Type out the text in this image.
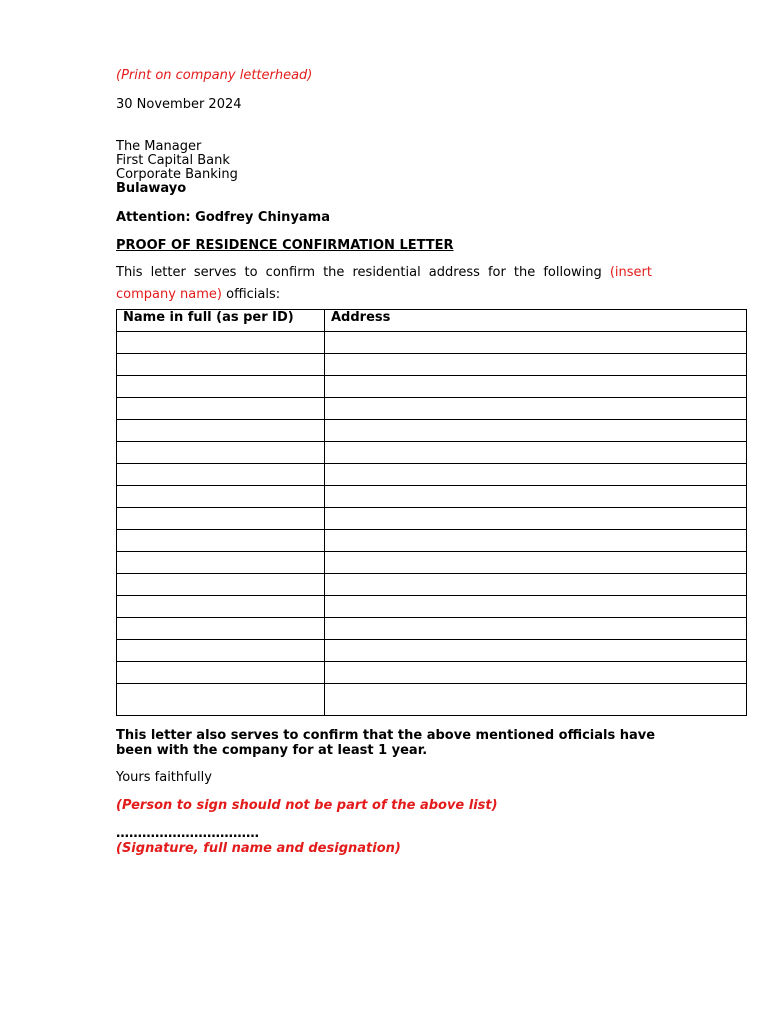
(Print on company letterhead)
30 November 2024
The Manager
First Capital Bank
Corporate Banking
Bulawayo
Attention: Godfrey Chinyama
PROOF OF RESIDENCE CONFIRMATION LETTER
This letter serves to confirm the residential address for the following (insert company name) officials:
Name in full (as per ID)	Address

This letter also serves to confirm that the above mentioned officials have been with the company for at least 1 year.
Yours faithfully
(Person to sign should not be part of the above list)
……………………………
(Signature, full name and designation)
